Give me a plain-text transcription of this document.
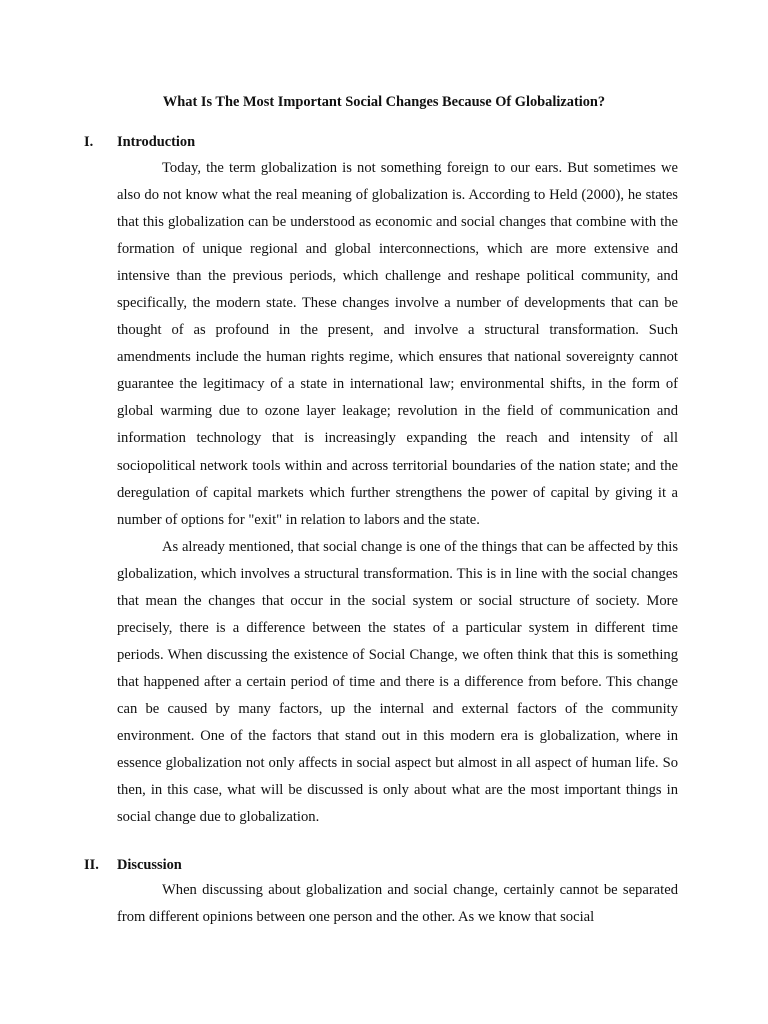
What Is The Most Important Social Changes Because Of Globalization?
I. Introduction

Today, the term globalization is not something foreign to our ears. But sometimes we also do not know what the real meaning of globalization is. According to Held (2000), he states that this globalization can be understood as economic and social changes that combine with the formation of unique regional and global interconnections, which are more extensive and intensive than the previous periods, which challenge and reshape political community, and specifically, the modern state. These changes involve a number of developments that can be thought of as profound in the present, and involve a structural transformation. Such amendments include the human rights regime, which ensures that national sovereignty cannot guarantee the legitimacy of a state in international law; environmental shifts, in the form of global warming due to ozone layer leakage; revolution in the field of communication and information technology that is increasingly expanding the reach and intensity of all sociopolitical network tools within and across territorial boundaries of the nation state; and the deregulation of capital markets which further strengthens the power of capital by giving it a number of options for "exit" in relation to labors and the state.

As already mentioned, that social change is one of the things that can be affected by this globalization, which involves a structural transformation. This is in line with the social changes that mean the changes that occur in the social system or social structure of society. More precisely, there is a difference between the states of a particular system in different time periods. When discussing the existence of Social Change, we often think that this is something that happened after a certain period of time and there is a difference from before. This change can be caused by many factors, up the internal and external factors of the community environment. One of the factors that stand out in this modern era is globalization, where in essence globalization not only affects in social aspect but almost in all aspect of human life. So then, in this case, what will be discussed is only about what are the most important things in social change due to globalization.

II. Discussion

When discussing about globalization and social change, certainly cannot be separated from different opinions between one person and the other. As we know that social
